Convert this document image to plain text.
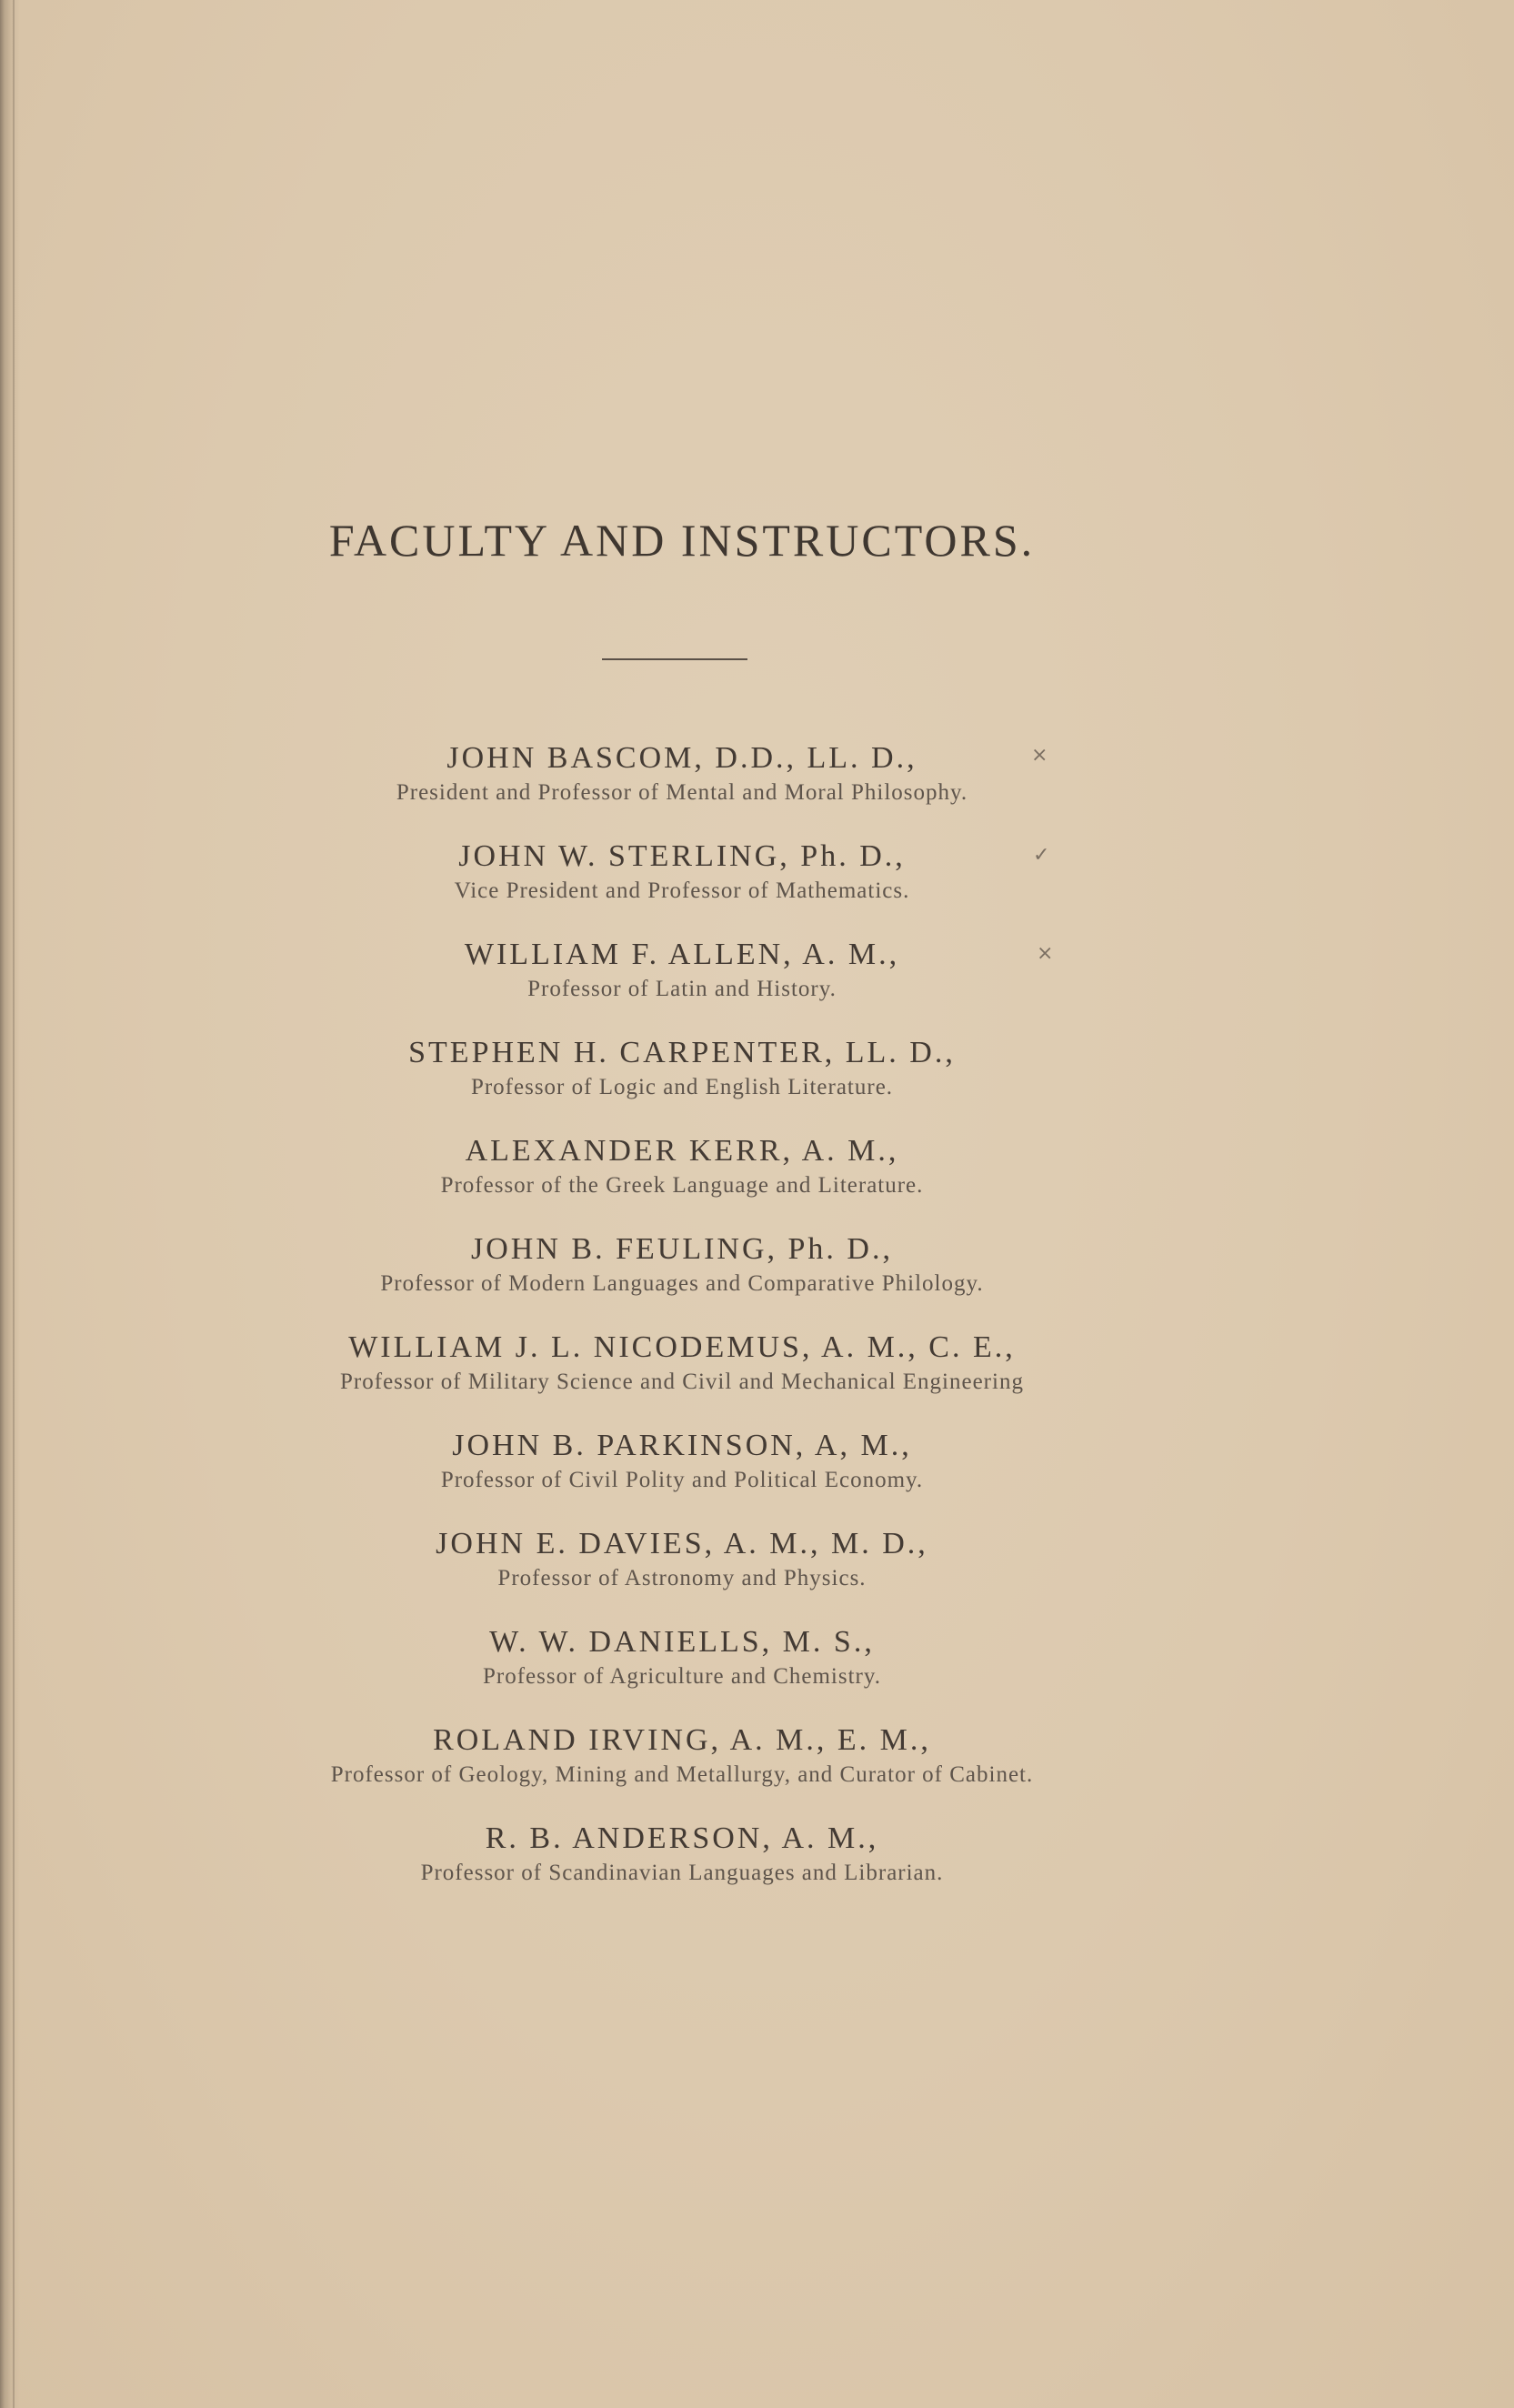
FACULTY AND INSTRUCTORS.
JOHN BASCOM, D.D., LL. D.,
President and Professor of Mental and Moral Philosophy.
JOHN W. STERLING, Ph. D.,
Vice President and Professor of Mathematics.
WILLIAM F. ALLEN, A. M.,
Professor of Latin and History.
STEPHEN H. CARPENTER, LL. D.,
Professor of Logic and English Literature.
ALEXANDER KERR, A. M.,
Professor of the Greek Language and Literature.
JOHN B. FEULING, Ph. D.,
Professor of Modern Languages and Comparative Philology.
WILLIAM J. L. NICODEMUS, A. M., C. E.,
Professor of Military Science and Civil and Mechanical Engineering
JOHN B. PARKINSON, A, M.,
Professor of Civil Polity and Political Economy.
JOHN E. DAVIES, A. M., M. D.,
Professor of Astronomy and Physics.
W. W. DANIELLS, M. S.,
Professor of Agriculture and Chemistry.
ROLAND IRVING, A. M., E. M.,
Professor of Geology, Mining and Metallurgy, and Curator of Cabinet.
R. B. ANDERSON, A. M.,
Professor of Scandinavian Languages and Librarian.
⨯
✓
⨯
